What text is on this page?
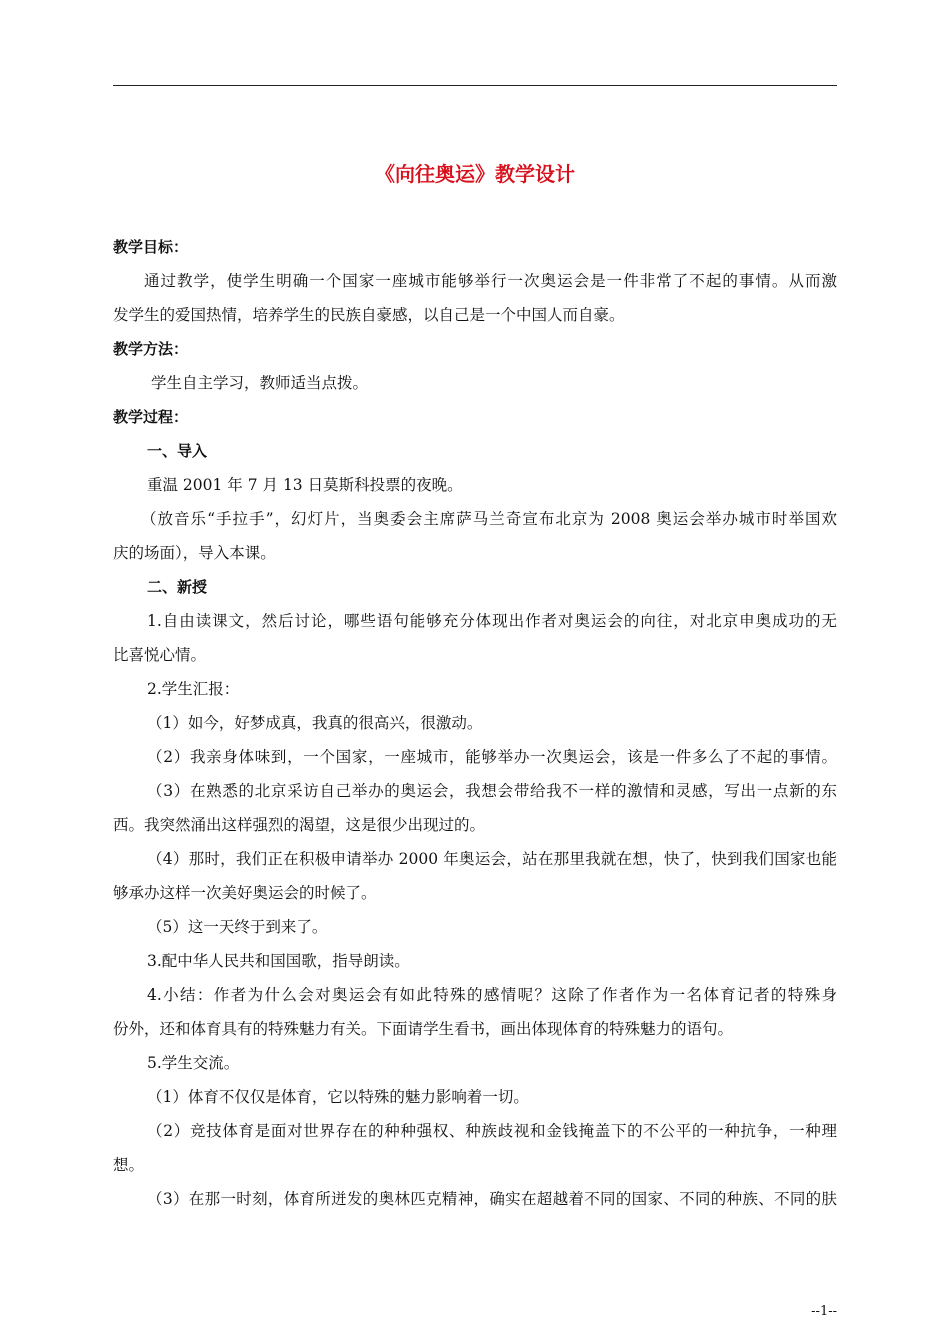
《向往奥运》教学设计
教学目标：
通过教学，使学生明确一个国家一座城市能够举行一次奥运会是一件非常了不起的事情。从而激
发学生的爱国热情，培养学生的民族自豪感，以自己是一个中国人而自豪。
教学方法：
学生自主学习，教师适当点拨。
教学过程：
一、导入
重温 2001 年 7 月 13 日莫斯科投票的夜晚。
（放音乐“手拉手”，幻灯片，当奥委会主席萨马兰奇宣布北京为 2008 奥运会举办城市时举国欢
庆的场面），导入本课。
二、新授
1.自由读课文，然后讨论，哪些语句能够充分体现出作者对奥运会的向往，对北京申奥成功的无
比喜悦心情。
2.学生汇报：
（1）如今，好梦成真，我真的很高兴，很激动。
（2）我亲身体味到，一个国家，一座城市，能够举办一次奥运会，该是一件多么了不起的事情。
（3）在熟悉的北京采访自己举办的奥运会，我想会带给我不一样的激情和灵感，写出一点新的东
西。我突然涌出这样强烈的渴望，这是很少出现过的。
（4）那时，我们正在积极申请举办 2000 年奥运会，站在那里我就在想，快了，快到我们国家也能
够承办这样一次美好奥运会的时候了。
（5）这一天终于到来了。
3.配中华人民共和国国歌，指导朗读。
4.小结：作者为什么会对奥运会有如此特殊的感情呢？这除了作者作为一名体育记者的特殊身
份外，还和体育具有的特殊魅力有关。下面请学生看书，画出体现体育的特殊魅力的语句。
5.学生交流。
（1）体育不仅仅是体育，它以特殊的魅力影响着一切。
（2）竞技体育是面对世界存在的种种强权、种族歧视和金钱掩盖下的不公平的一种抗争，一种理
想。
（3）在那一时刻，体育所迸发的奥林匹克精神，确实在超越着不同的国家、不同的种族、不同的肤
--1--
